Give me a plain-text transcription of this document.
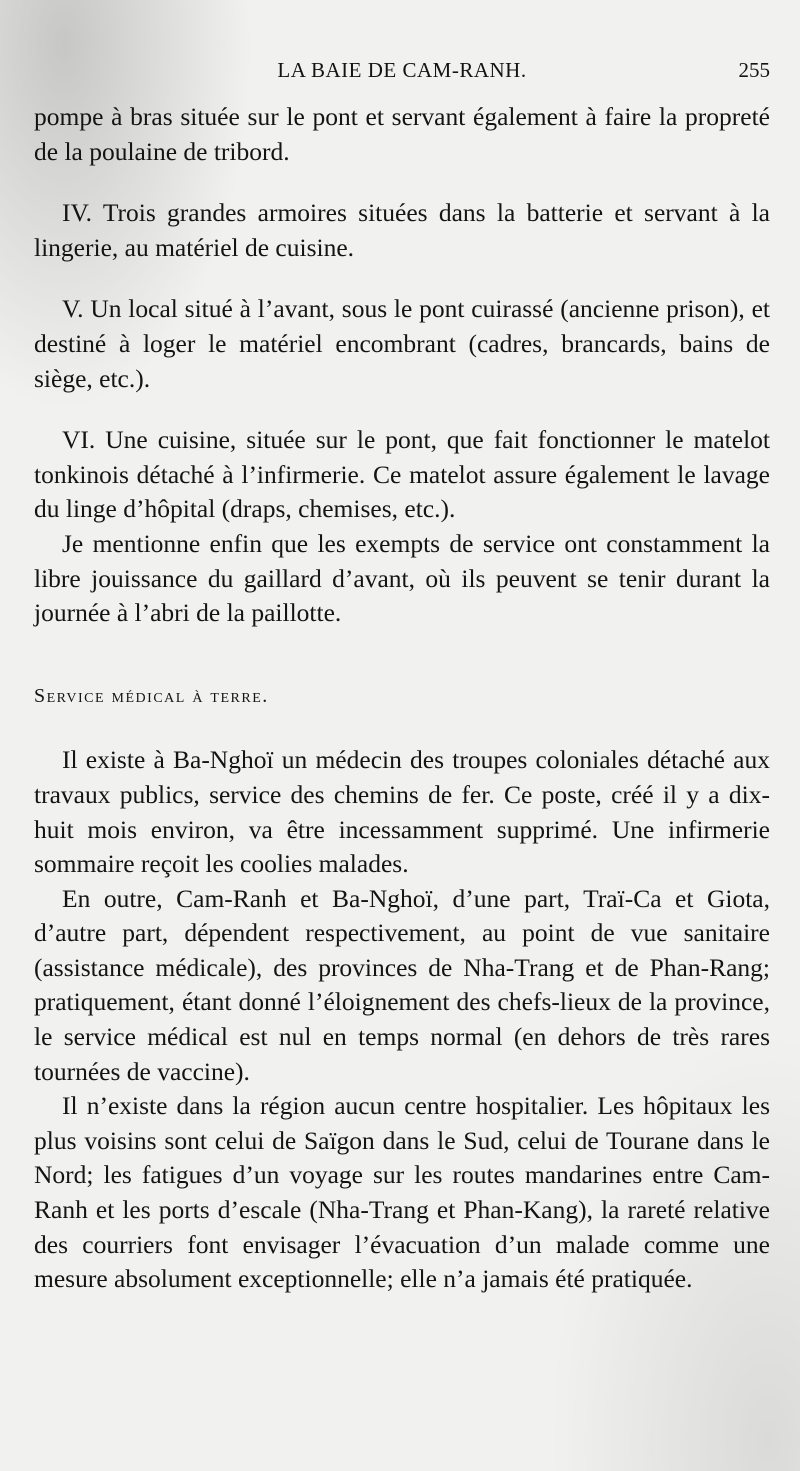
LA BAIE DE CAM-RANH.	255

pompe à bras située sur le pont et servant également à faire la propreté de la poulaine de tribord.

IV. Trois grandes armoires situées dans la batterie et servant à la lingerie, au matériel de cuisine.

V. Un local situé à l’avant, sous le pont cuirassé (ancienne prison), et destiné à loger le matériel encombrant (cadres, brancards, bains de siège, etc.).

VI. Une cuisine, située sur le pont, que fait fonctionner le matelot tonkinois détaché à l’infirmerie. Ce matelot assure également le lavage du linge d’hôpital (draps, chemises, etc.).

Je mentionne enfin que les exempts de service ont constamment la libre jouissance du gaillard d’avant, où ils peuvent se tenir durant la journée à l’abri de la paillotte.

Service médical à terre.

Il existe à Ba-Nghoï un médecin des troupes coloniales détaché aux travaux publics, service des chemins de fer. Ce poste, créé il y a dix-huit mois environ, va être incessamment supprimé. Une infirmerie sommaire reçoit les coolies malades.

En outre, Cam-Ranh et Ba-Nghoï, d’une part, Traï-Ca et Giota, d’autre part, dépendent respectivement, au point de vue sanitaire (assistance médicale), des provinces de Nha-Trang et de Phan-Rang; pratiquement, étant donné l’éloignement des chefs-lieux de la province, le service médical est nul en temps normal (en dehors de très rares tournées de vaccine).

Il n’existe dans la région aucun centre hospitalier. Les hôpitaux les plus voisins sont celui de Saïgon dans le Sud, celui de Tourane dans le Nord; les fatigues d’un voyage sur les routes mandarines entre Cam-Ranh et les ports d’escale (Nha-Trang et Phan-Kang), la rareté relative des courriers font envisager l’évacuation d’un malade comme une mesure absolument exceptionnelle; elle n’a jamais été pratiquée.
